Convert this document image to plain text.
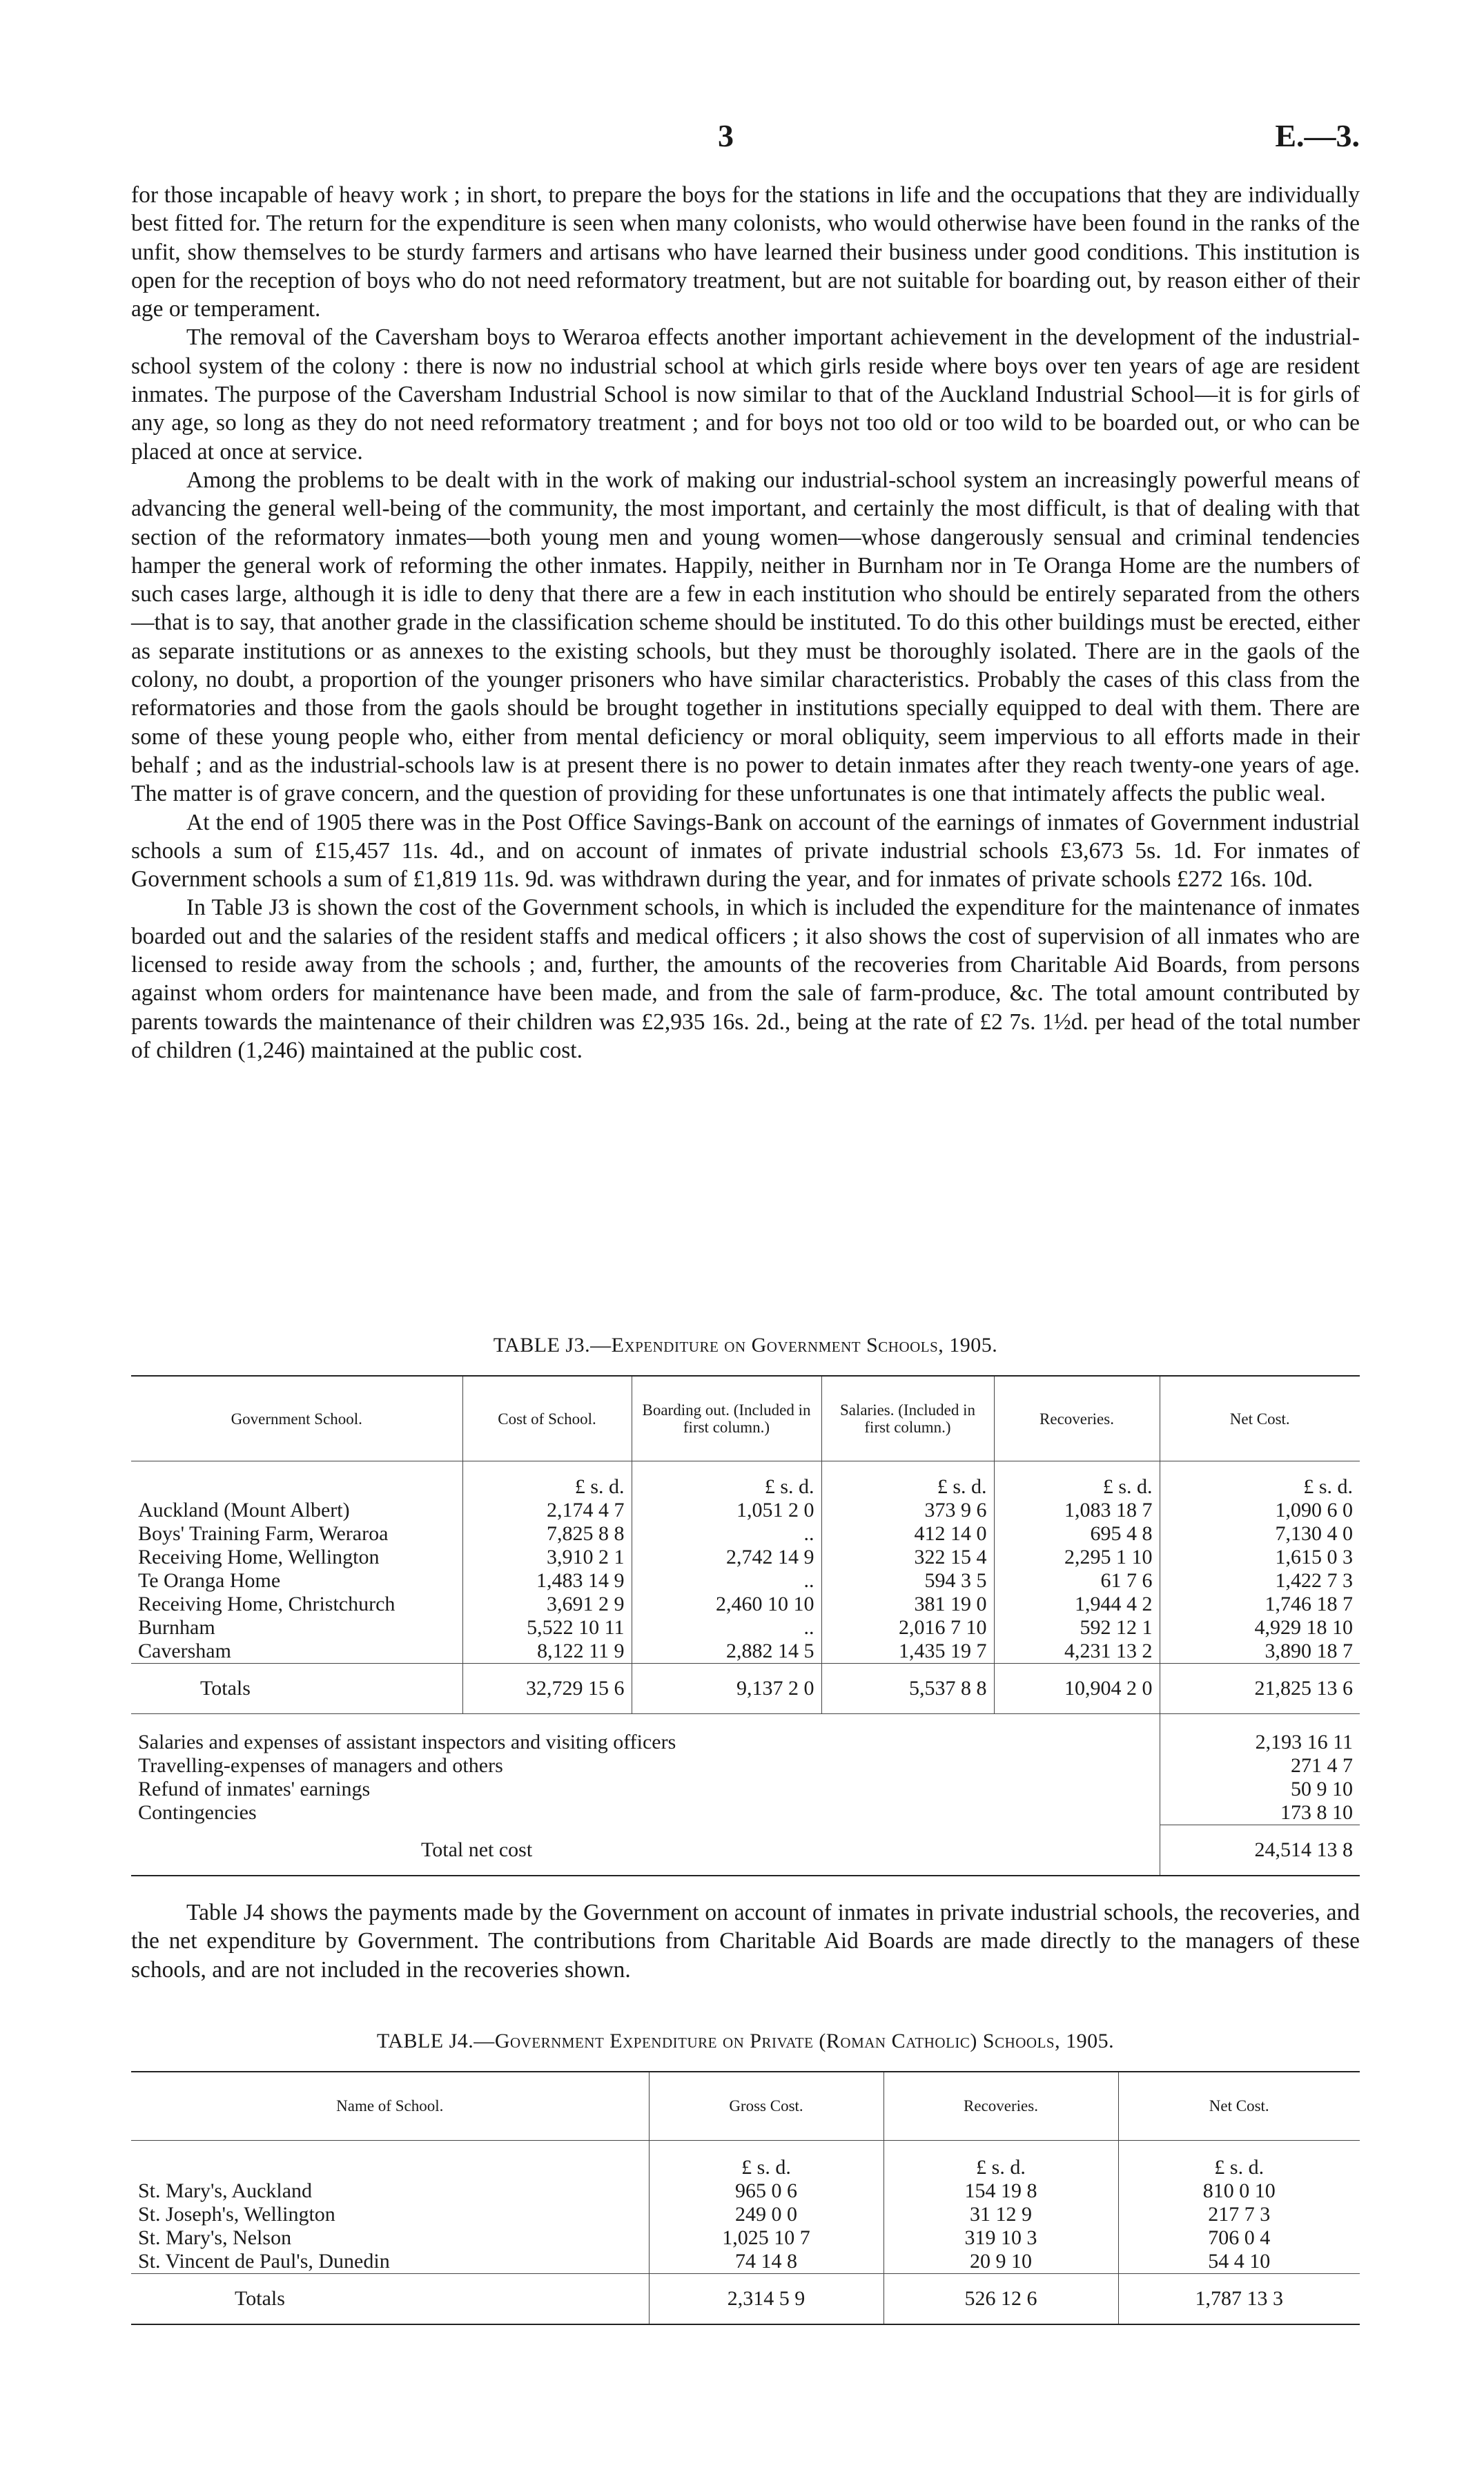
3	E.—3.

for those incapable of heavy work ; in short, to prepare the boys for the stations in life and the occupations that they are individually best fitted for. The return for the expenditure is seen when many colonists, who would otherwise have been found in the ranks of the unfit, show themselves to be sturdy farmers and artisans who have learned their business under good conditions. This institution is open for the reception of boys who do not need reformatory treatment, but are not suitable for boarding out, by reason either of their age or temperament.

The removal of the Caversham boys to Weraroa effects another important achievement in the development of the industrial-school system of the colony : there is now no industrial school at which girls reside where boys over ten years of age are resident inmates. The purpose of the Caversham Industrial School is now similar to that of the Auckland Industrial School—it is for girls of any age, so long as they do not need reformatory treatment ; and for boys not too old or too wild to be boarded out, or who can be placed at once at service.

Among the problems to be dealt with in the work of making our industrial-school system an increasingly powerful means of advancing the general well-being of the community, the most important, and certainly the most difficult, is that of dealing with that section of the reformatory inmates—both young men and young women—whose dangerously sensual and criminal tendencies hamper the general work of reforming the other inmates. Happily, neither in Burnham nor in Te Oranga Home are the numbers of such cases large, although it is idle to deny that there are a few in each institution who should be entirely separated from the others—that is to say, that another grade in the classification scheme should be instituted. To do this other buildings must be erected, either as separate institutions or as annexes to the existing schools, but they must be thoroughly isolated. There are in the gaols of the colony, no doubt, a proportion of the younger prisoners who have similar characteristics. Probably the cases of this class from the reformatories and those from the gaols should be brought together in institutions specially equipped to deal with them. There are some of these young people who, either from mental deficiency or moral obliquity, seem impervious to all efforts made in their behalf ; and as the industrial-schools law is at present there is no power to detain inmates after they reach twenty-one years of age. The matter is of grave concern, and the question of providing for these unfortunates is one that intimately affects the public weal.

At the end of 1905 there was in the Post Office Savings-Bank on account of the earnings of inmates of Government industrial schools a sum of £15,457 11s. 4d., and on account of inmates of private industrial schools £3,673 5s. 1d. For inmates of Government schools a sum of £1,819 11s. 9d. was withdrawn during the year, and for inmates of private schools £272 16s. 10d.

In Table J3 is shown the cost of the Government schools, in which is included the expenditure for the maintenance of inmates boarded out and the salaries of the resident staffs and medical officers ; it also shows the cost of supervision of all inmates who are licensed to reside away from the schools ; and, further, the amounts of the recoveries from Charitable Aid Boards, from persons against whom orders for maintenance have been made, and from the sale of farm-produce, &c. The total amount contributed by parents towards the maintenance of their children was £2,935 16s. 2d., being at the rate of £2 7s. 1½d. per head of the total number of children (1,246) maintained at the public cost.

TABLE J3.—Expenditure on Government Schools, 1905.
Government School.	Cost of School.	Boarding out. (Included in first column.)	Salaries. (Included in first column.)	Recoveries.	Net Cost.
	£ s. d.	£ s. d.	£ s. d.	£ s. d.	£ s. d.
Auckland (Mount Albert)	2,174 4 7	1,051 2 0	373 9 6	1,083 18 7	1,090 6 0
Boys' Training Farm, Weraroa	7,825 8 8	..	412 14 0	695 4 8	7,130 4 0
Receiving Home, Wellington	3,910 2 1	2,742 14 9	322 15 4	2,295 1 10	1,615 0 3
Te Oranga Home	1,483 14 9	..	594 3 5	61 7 6	1,422 7 3
Receiving Home, Christchurch	3,691 2 9	2,460 10 10	381 19 0	1,944 4 2	1,746 18 7
Burnham	5,522 10 11	..	2,016 7 10	592 12 1	4,929 18 10
Caversham	8,122 11 9	2,882 14 5	1,435 19 7	4,231 13 2	3,890 18 7
Totals	32,729 15 6	9,137 2 0	5,537 8 8	10,904 2 0	21,825 13 6

Salaries and expenses of assistant inspectors and visiting officers					2,193 16 11
Travelling-expenses of managers and others					271 4 7
Refund of inmates' earnings					50 9 10
Contingencies					173 8 10
Total net cost					24,514 13 8

Table J4 shows the payments made by the Government on account of inmates in private industrial schools, the recoveries, and the net expenditure by Government. The contributions from Charitable Aid Boards are made directly to the managers of these schools, and are not included in the recoveries shown.

TABLE J4.—Government Expenditure on Private (Roman Catholic) Schools, 1905.
Name of School.	Gross Cost.	Recoveries.	Net Cost.
	£ s. d.	£ s. d.	£ s. d.
St. Mary's, Auckland	965 0 6	154 19 8	810 0 10
St. Joseph's, Wellington	249 0 0	31 12 9	217 7 3
St. Mary's, Nelson	1,025 10 7	319 10 3	706 0 4
St. Vincent de Paul's, Dunedin	74 14 8	20 9 10	54 4 10
Totals	2,314 5 9	526 12 6	1,787 13 3
